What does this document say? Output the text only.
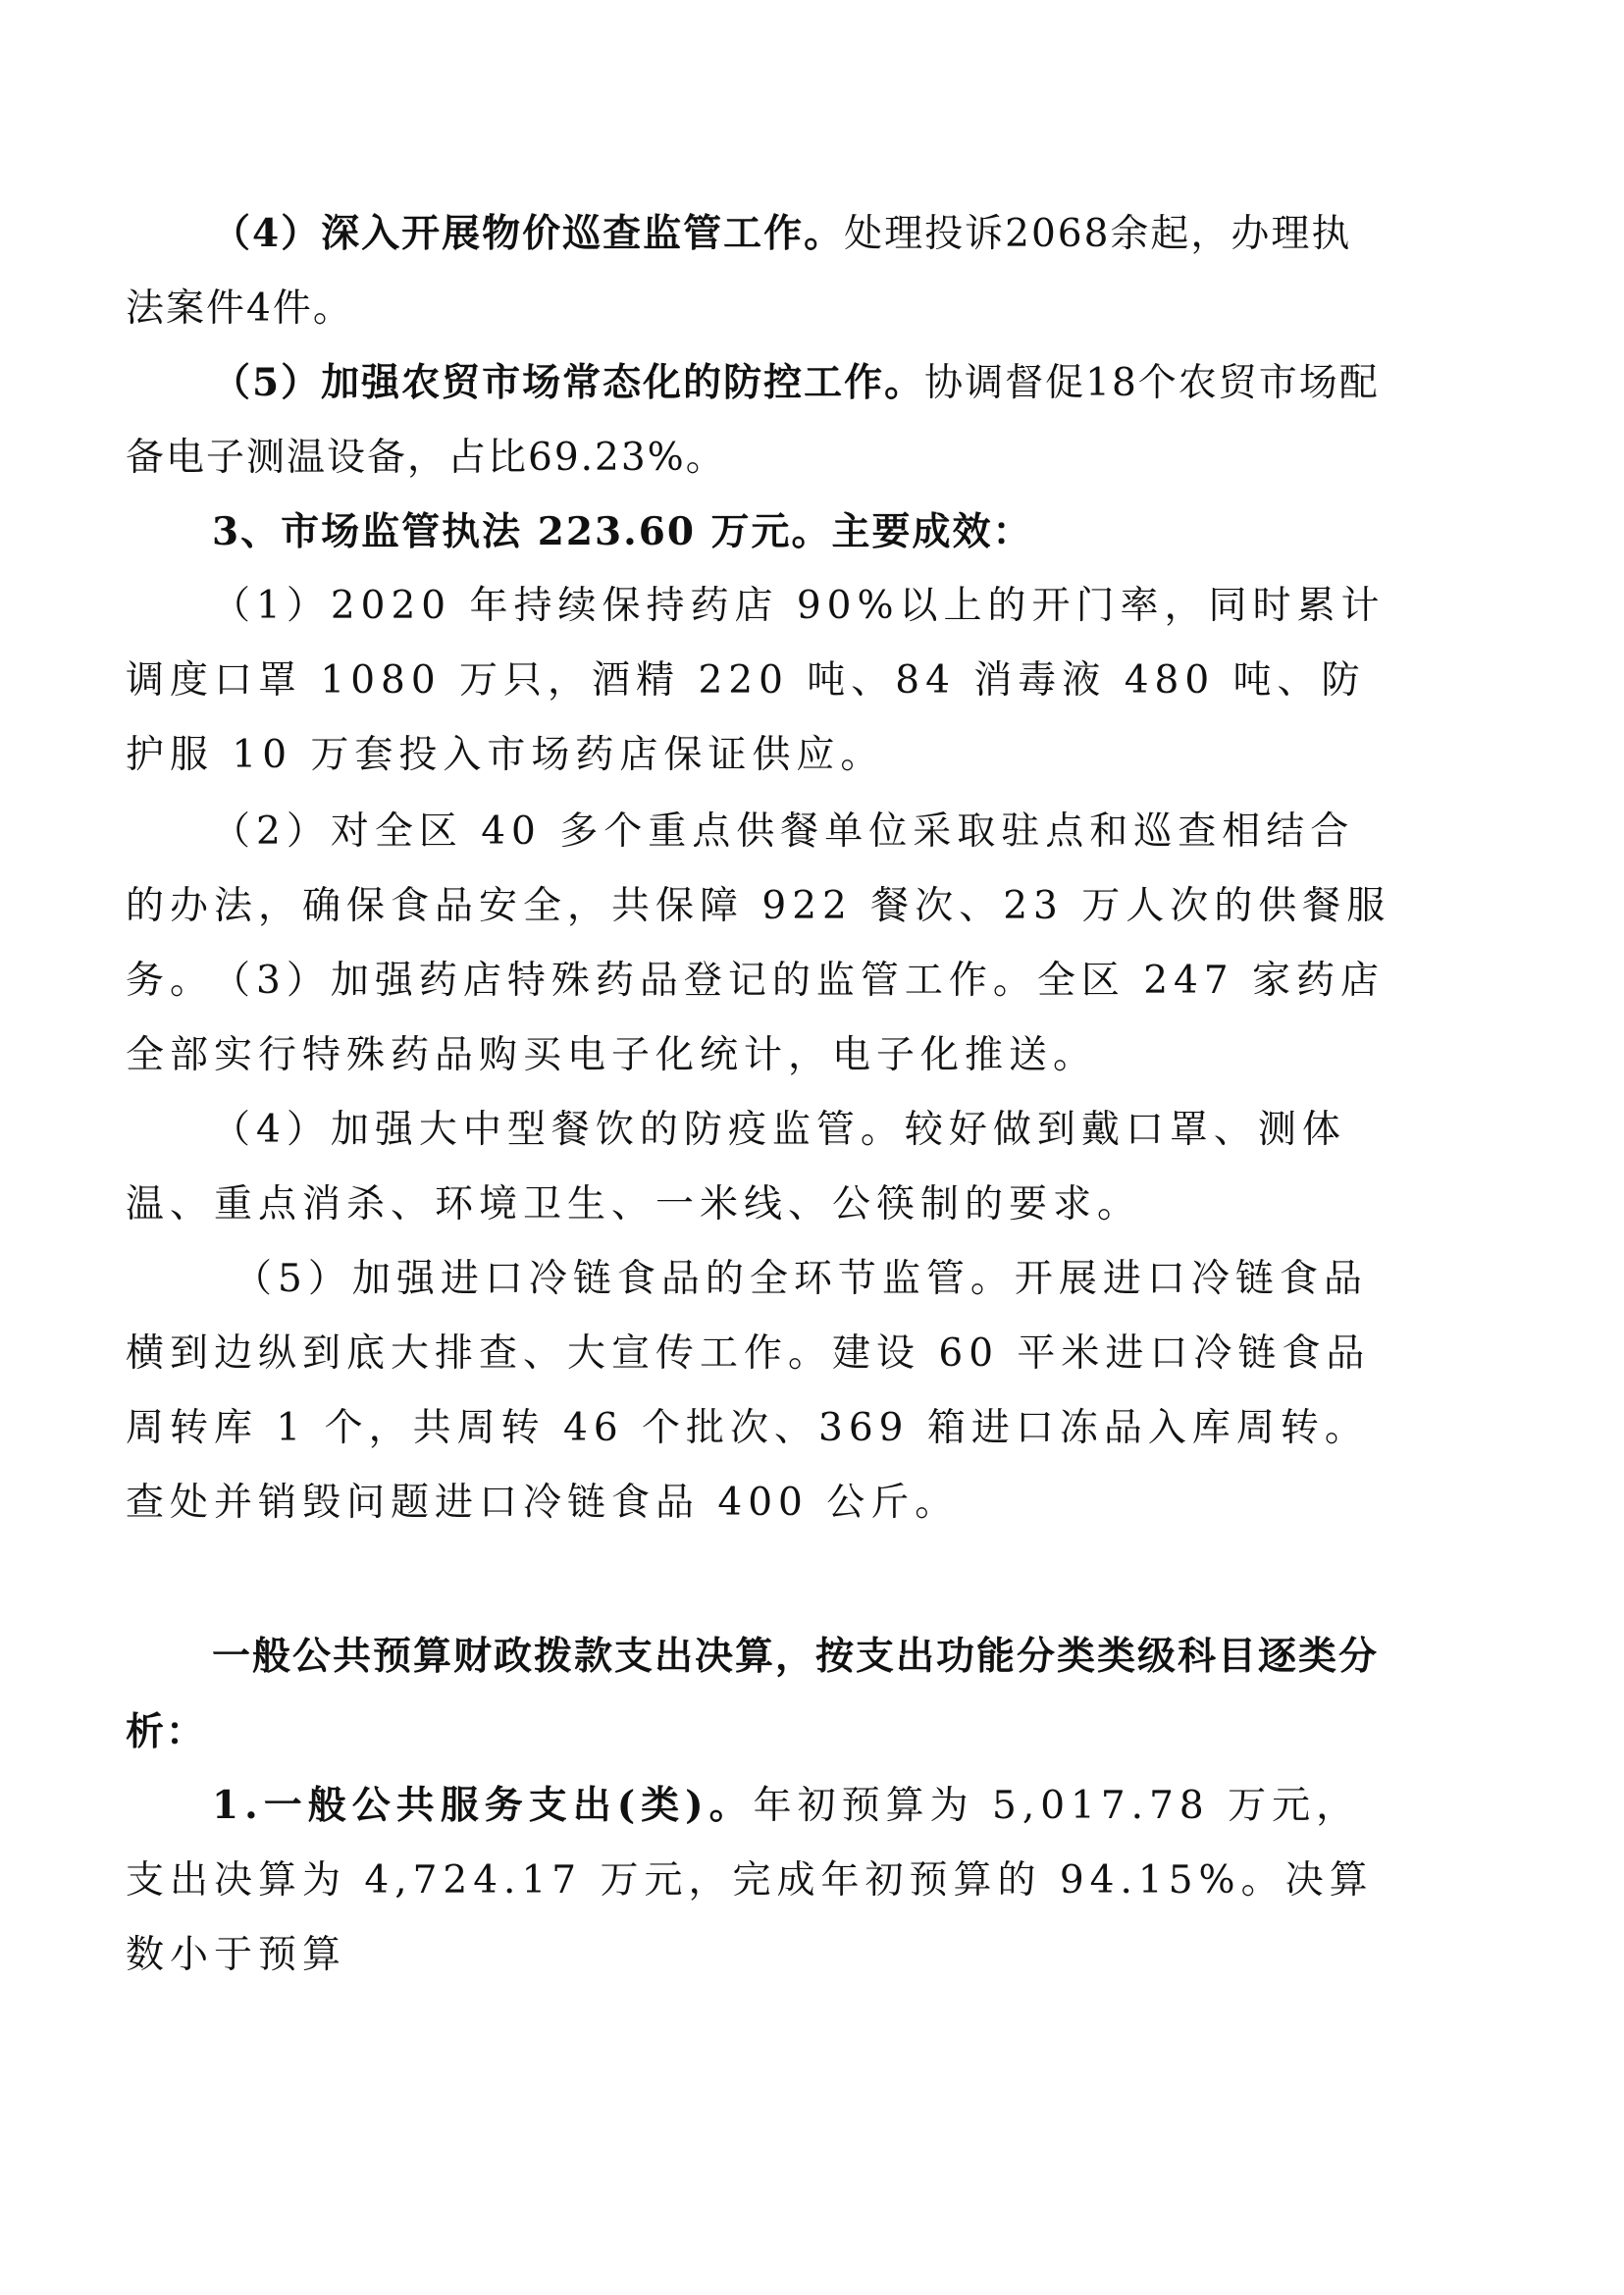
（4）深入开展物价巡查监管工作。处理投诉2068余起，办理执法案件4件。

（5）加强农贸市场常态化的防控工作。协调督促18个农贸市场配备电子测温设备，占比69.23%。

3、市场监管执法 223.60 万元。主要成效：

（1）2020 年持续保持药店 90%以上的开门率，同时累计调度口罩 1080 万只，酒精 220 吨、84 消毒液 480 吨、防护服 10 万套投入市场药店保证供应。

（2）对全区 40 多个重点供餐单位采取驻点和巡查相结合的办法，确保食品安全，共保障 922 餐次、23 万人次的供餐服务。

（3）加强药店特殊药品登记的监管工作。全区 247 家药店全部实行特殊药品购买电子化统计，电子化推送。

（4）加强大中型餐饮的防疫监管。较好做到戴口罩、测体温、重点消杀、环境卫生、一米线、公筷制的要求。

（5）加强进口冷链食品的全环节监管。开展进口冷链食品横到边纵到底大排查、大宣传工作。建设 60 平米进口冷链食品周转库 1 个，共周转 46 个批次、369 箱进口冻品入库周转。查处并销毁问题进口冷链食品 400 公斤。

一般公共预算财政拨款支出决算，按支出功能分类类级科目逐类分析：

1.一般公共服务支出(类)。年初预算为 5,017.78 万元，支出决算为 4,724.17 万元，完成年初预算的 94.15%。决算数小于预算
